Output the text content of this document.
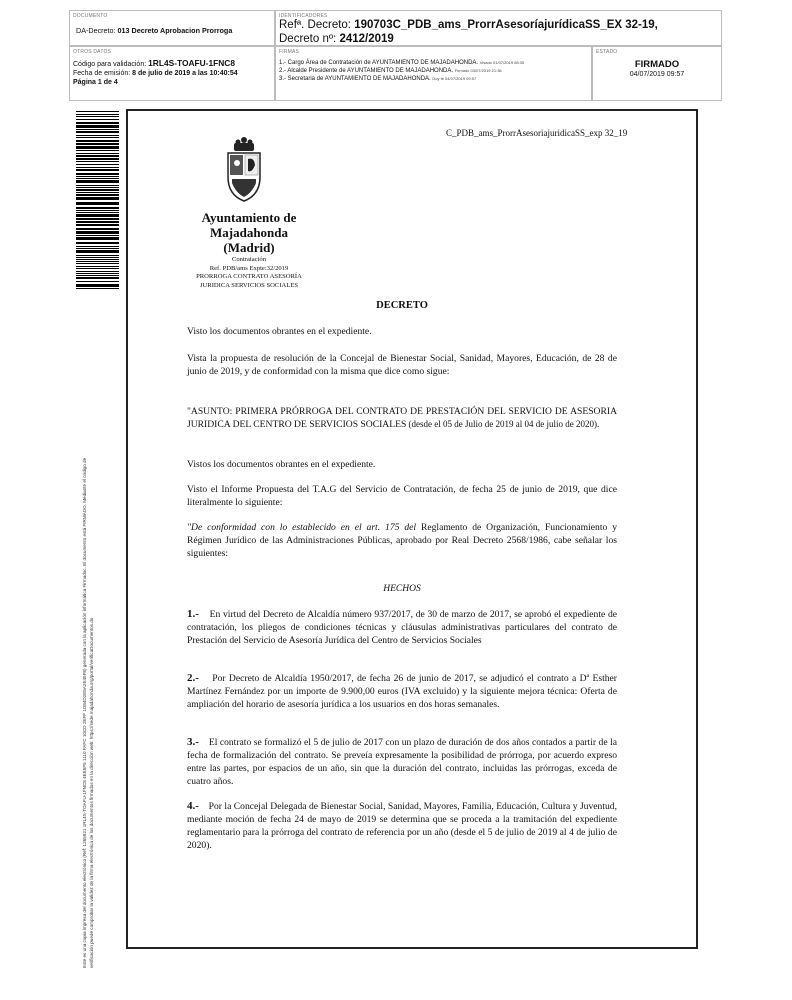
DOCUMENTO
DA-Decreto: 013 Decreto Aprobacion Prorroga
IDENTIFICADORES
Refª. Decreto: 190703C_PDB_ams_ProrrAsesoríajurídicaSS_EX 32-19,
Decreto nº: 2412/2019
OTROS DATOS
Código para validación: 1RL4S-TOAFU-1FNC8
Fecha de emisión: 8 de julio de 2019 a las 10:40:54
Página 1 de 4
FIRMAS
1.- Cargo Área de Contratación de AYUNTAMIENTO DE MAJADAHONDA. Visado 01/07/2019 08:35
2.- Alcalde Presidente de AYUNTAMIENTO DE MAJADAHONDA. Firmado 03/07/2019 21:36
3.- Secretaria de AYUNTAMIENTO DE MAJADAHONDA. Doy fe 04/07/2019 09:57
ESTADO
FIRMADO
04/07/2019 09:57
Este es una copia impresa del documento electrónico (Ref: 1265921 1RL4S-TOAFU-1FNC8 4EE5F5 1110 FAFC 10CD 2EFF 1D84D2E5A2E45F8) generada con la aplicación informática Firmadoc. El documento está FIRMADO. Mediante el código de verificación puede comprobar la validez de la firma electrónica de los documentos firmados en la dirección web: https://sede.majadahonda.org/portal/verificaDocumentos.do
C_PDB_ams_ProrrAsesoriajuridicaSS_exp 32_19
Ayuntamiento de
Majadahonda
(Madrid)
Contratación
Ref. PDB/ams Expte:32/2019
PRORROGA CONTRATO ASESORÍA
JURIDICA SERVICIOS SOCIALES
DECRETO

Visto los documentos obrantes en el expediente.

Vista la propuesta de resolución de la Concejal de Bienestar Social, Sanidad, Mayores, Educación, de 28 de junio de 2019, y de conformidad con la misma que dice como sigue:

"ASUNTO: PRIMERA PRÓRROGA DEL CONTRATO DE PRESTACIÓN DEL SERVICIO DE ASESORIA JURIDICA DEL CENTRO DE SERVICIOS SOCIALES (desde el 05 de Julio de 2019 al 04 de julio de 2020).

Vistos los documentos obrantes en el expediente.

Visto el Informe Propuesta del T.A.G del Servicio de Contratación, de fecha 25 de junio de 2019, que dice literalmente lo siguiente:

"De conformidad con lo establecido en el art. 175 del Reglamento de Organización, Funcionamiento y Régimen Jurídico de las Administraciones Públicas, aprobado por Real Decreto 2568/1986, cabe señalar los siguientes:

HECHOS

1.- En virtud del Decreto de Alcaldía número 937/2017, de 30 de marzo de 2017, se aprobó el expediente de contratación, los pliegos de condiciones técnicas y cláusulas administrativas particulares del contrato de Prestación del Servicio de Asesoría Jurídica del Centro de Servicios Sociales

2.- Por Decreto de Alcaldía 1950/2017, de fecha 26 de junio de 2017, se adjudicó el contrato a Dª Esther Martínez Fernández por un importe de 9.900,00 euros (IVA excluido) y la siguiente mejora técnica: Oferta de ampliación del horario de asesoría jurídica a los usuarios en dos horas semanales.

3.- El contrato se formalizó el 5 de julio de 2017 con un plazo de duración de dos años contados a partir de la fecha de formalización del contrato. Se preveía expresamente la posibilidad de prórroga, por acuerdo expreso entre las partes, por espacios de un año, sin que la duración del contrato, incluidas las prórrogas, exceda de cuatro años.

4.- Por la Concejal Delegada de Bienestar Social, Sanidad, Mayores, Familia, Educación, Cultura y Juventud, mediante moción de fecha 24 de mayo de 2019 se determina que se proceda a la tramitación del expediente reglamentario para la prórroga del contrato de referencia por un año (desde el 5 de julio de 2019 al 4 de julio de 2020).
